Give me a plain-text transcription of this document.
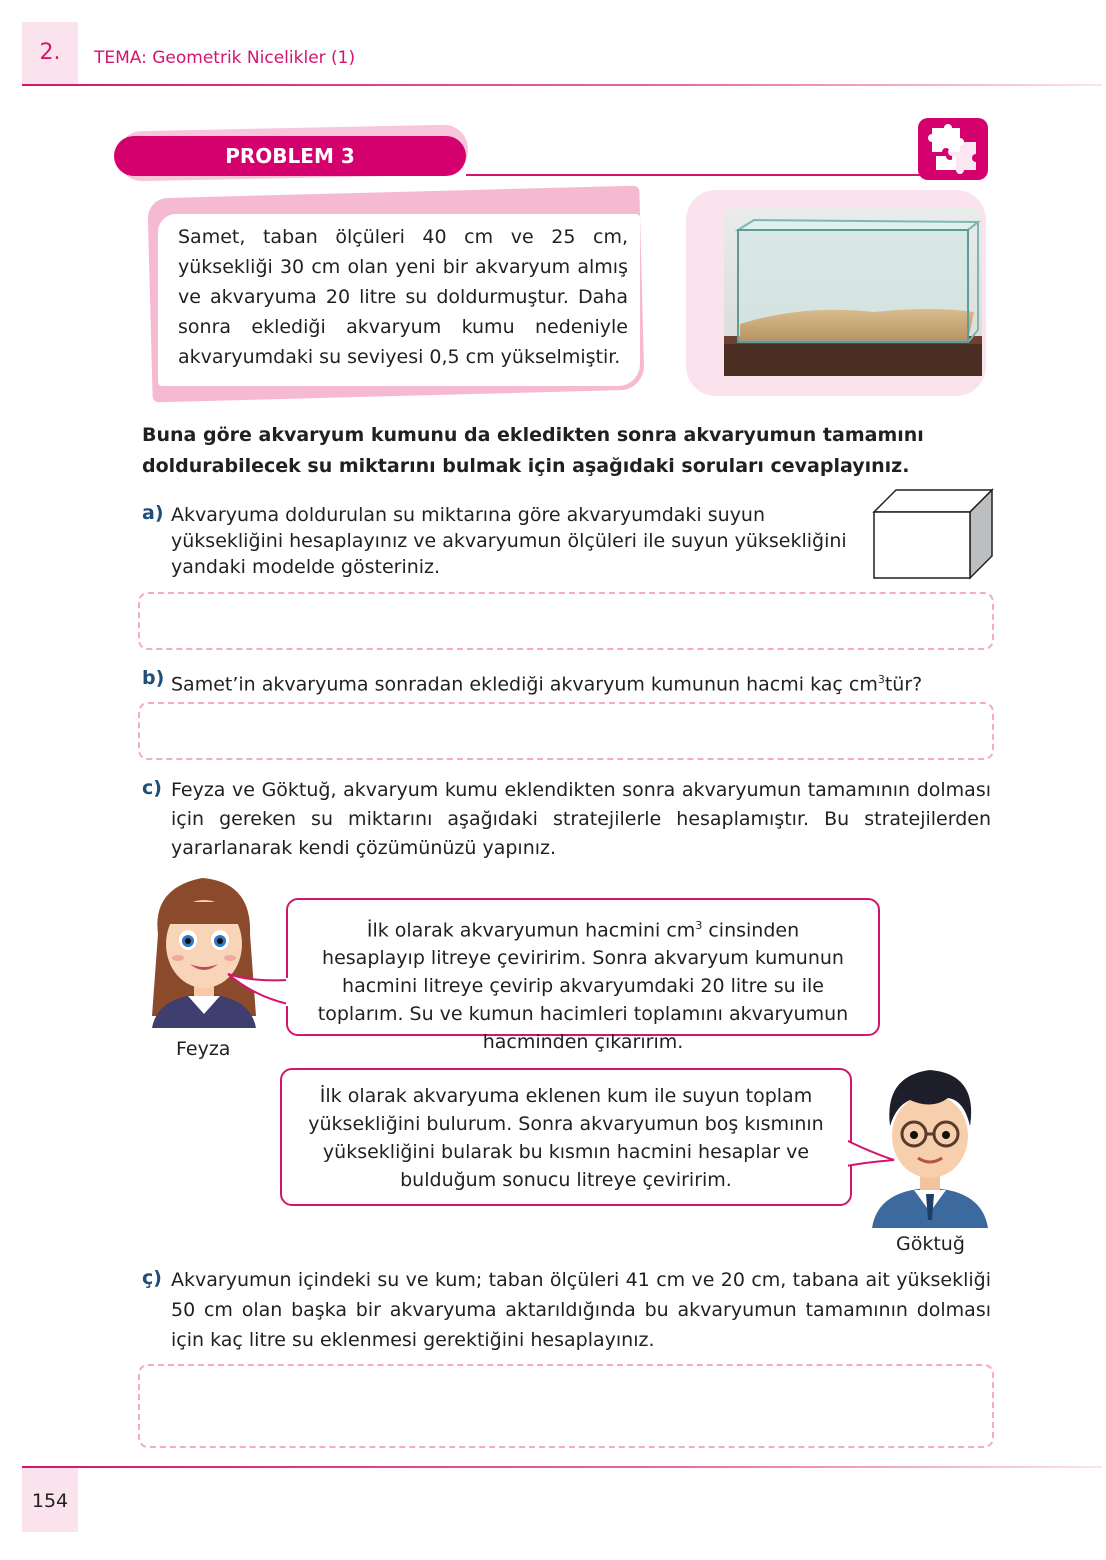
2.	TEMA: Geometrik Nicelikler (1)
PROBLEM 3
Samet, taban ölçüleri 40 cm ve 25 cm, yüksekliği 30 cm olan yeni bir akvaryum almış ve akvaryuma 20 litre su doldurmuştur. Daha sonra eklediği akvaryum kumu nedeniyle akvaryumdaki su seviyesi 0,5 cm yükselmiştir.
Buna göre akvaryum kumunu da ekledikten sonra akvaryumun tamamını doldurabilecek su miktarını bulmak için aşağıdaki soruları cevaplayınız.
a) Akvaryuma doldurulan su miktarına göre akvaryumdaki suyun yüksekliğini hesaplayınız ve akvaryumun ölçüleri ile suyun yüksekliğini yandaki modelde gösteriniz.
b) Samet’in akvaryuma sonradan eklediği akvaryum kumunun hacmi kaç $cm^3tür$?
c) Feyza ve Göktuğ, akvaryum kumu eklendikten sonra akvaryumun tamamının dolması için gereken su miktarını aşağıdaki stratejilerle hesaplamıştır. Bu stratejilerden yararlanarak kendi çözümünüzü yapınız.
Feyza
İlk olarak akvaryumun hacmini $cm^3$ cinsinden hesaplayıp litreye çeviririm. Sonra akvaryum kumunun hacmini litreye çevirip akvaryumdaki 20 litre su ile toplarım. Su ve kumun hacimleri toplamını akvaryumun hacminden çıkarırım.
İlk olarak akvaryuma eklenen kum ile suyun toplam yüksekliğini bulurum. Sonra akvaryumun boş kısmının yüksekliğini bularak bu kısmın hacmini hesaplar ve bulduğum sonucu litreye çeviririm.
Göktuğ
ç) Akvaryumun içindeki su ve kum; taban ölçüleri 41 cm ve 20 cm, tabana ait yüksekliği 50 cm olan başka bir akvaryuma aktarıldığında bu akvaryumun tamamının dolması için kaç litre su eklenmesi gerektiğini hesaplayınız.
154
